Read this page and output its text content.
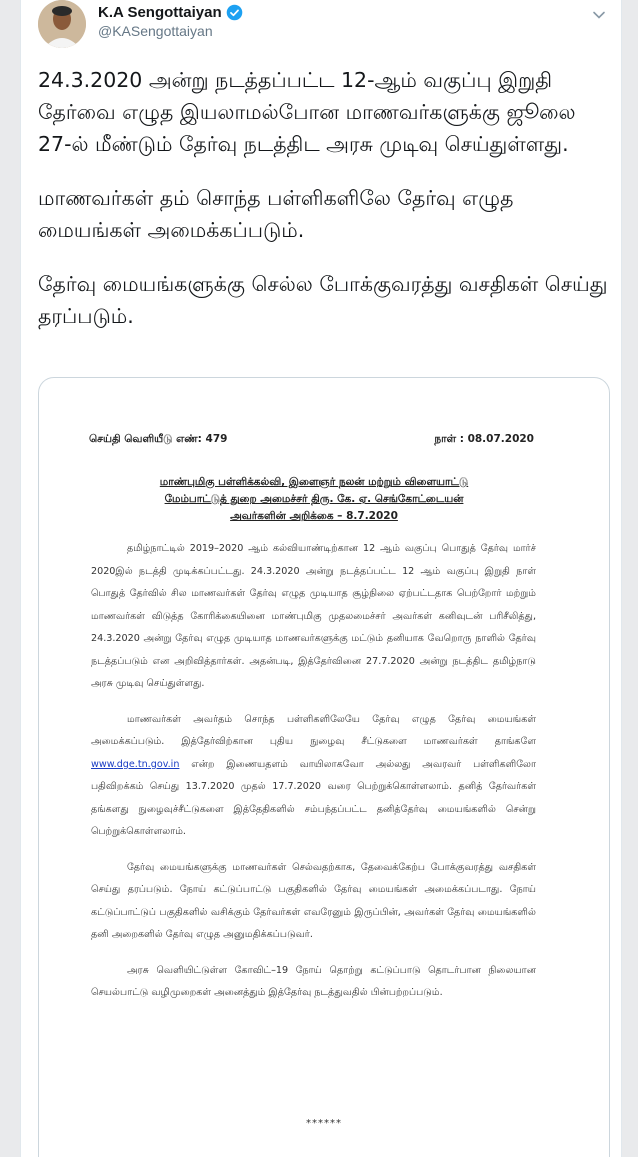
K.A Sengottaiyan
@KASengottaiyan

24.3.2020 அன்று நடத்தப்பட்ட 12-ஆம் வகுப்பு இறுதி தேர்வை எழுத இயலாமல்போன மாணவர்களுக்கு ஜூலை 27-ல் மீண்டும் தேர்வு நடத்திட அரசு முடிவு செய்துள்ளது.

மாணவர்கள் தம் சொந்த பள்ளிகளிலே தேர்வு எழுத மையங்கள் அமைக்கப்படும்.

தேர்வு மையங்களுக்கு செல்ல போக்குவரத்து வசதிகள் செய்து தரப்படும்.

செய்தி வெளியீடு எண்: 479	நாள் : 08.07.2020
மாண்புமிகு பள்ளிக்கல்வி, இளைஞர் நலன் மற்றும் விளையாட்டு
மேம்பாட்டுத் துறை அமைச்சர் திரு. கே. ஏ. செங்கோட்டையன்
அவர்களின் அறிக்கை – 8.7.2020

தமிழ்நாட்டில் 2019–2020 ஆம் கல்வியாண்டிற்கான 12 ஆம் வகுப்பு பொதுத் தேர்வு மார்ச் 2020இல் நடத்தி முடிக்கப்பட்டது. 24.3.2020 அன்று நடத்தப்பட்ட 12 ஆம் வகுப்பு இறுதி நாள் பொதுத் தேர்வில் சில மாணவர்கள் தேர்வு எழுத முடியாத சூழ்நிலை ஏற்பட்டதாக பெற்றோர் மற்றும் மாணவர்கள் விடுத்த கோரிக்கையினை மாண்புமிகு முதலமைச்சர் அவர்கள் கனிவுடன் பரிசீலித்து, 24.3.2020 அன்று தேர்வு எழுத முடியாத மாணவர்களுக்கு மட்டும் தனியாக வேறொரு நாளில் தேர்வு நடத்தப்படும் என அறிவித்தார்கள். அதன்படி, இத்தேர்வினை 27.7.2020 அன்று நடத்திட தமிழ்நாடு அரசு முடிவு செய்துள்ளது.

மாணவர்கள் அவர்தம் சொந்த பள்ளிகளிலேயே தேர்வு எழுத தேர்வு மையங்கள் அமைக்கப்படும். இத்தேர்விற்கான புதிய நுழைவு சீட்டுகளை மாணவர்கள் தாங்களே www.dge.tn.gov.in என்ற இணையதளம் வாயிலாகவோ அல்லது அவரவர் பள்ளிகளிலோ பதிவிறக்கம் செய்து 13.7.2020 முதல் 17.7.2020 வரை பெற்றுக்கொள்ளலாம். தனித் தேர்வர்கள் தங்களது நுழைவுச்சீட்டுகளை இத்தேதிகளில் சம்பந்தப்பட்ட தனித்தேர்வு மையங்களில் சென்று பெற்றுக்கொள்ளலாம்.

தேர்வு மையங்களுக்கு மாணவர்கள் செல்வதற்காக, தேவைக்கேற்ப போக்குவரத்து வசதிகள் செய்து தரப்படும். நோய் கட்டுப்பாட்டு பகுதிகளில் தேர்வு மையங்கள் அமைக்கப்படாது. நோய் கட்டுப்பாட்டுப் பகுதிகளில் வசிக்கும் தேர்வர்கள் எவரேனும் இருப்பின், அவர்கள் தேர்வு மையங்களில் தனி அறைகளில் தேர்வு எழுத அனுமதிக்கப்படுவர்.

அரசு வெளியிட்டுள்ள கோவிட்–19 நோய் தொற்று கட்டுப்பாடு தொடர்பான நிலையான செயல்பாட்டு வழிமுறைகள் அனைத்தும் இத்தேர்வு நடத்துவதில் பின்பற்றப்படும்.

******
